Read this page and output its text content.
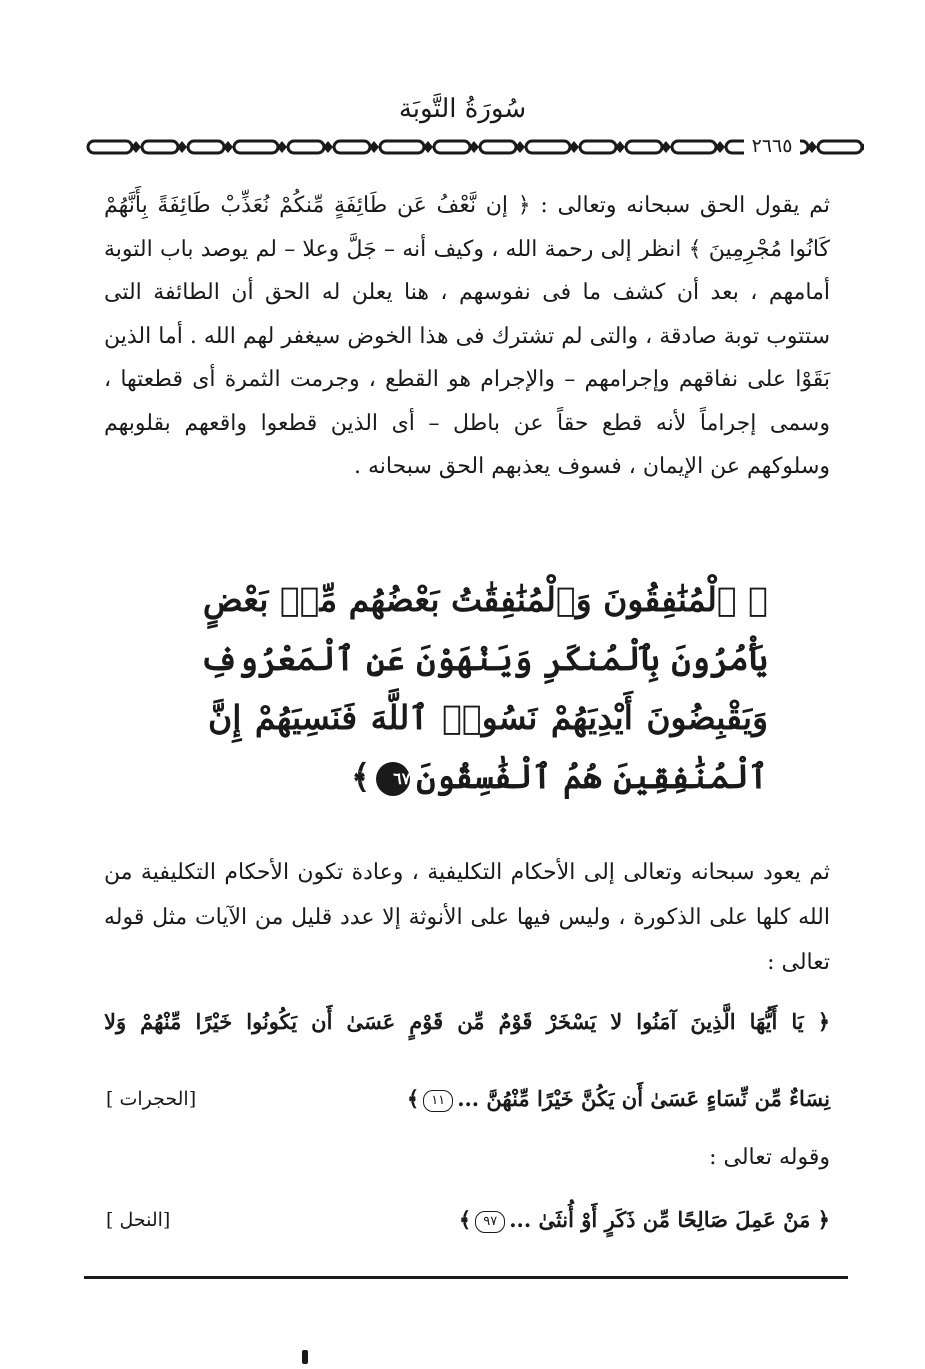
سُورَةُ التَّوبَة
٢٦٦٥
ثم يقول الحق سبحانه وتعالى : ﴿ إن نَّعْفُ عَن طَائِفَةٍ مِّنكُمْ نُعَذِّبْ طَائِفَةً بِأَنَّهُمْ كَانُوا مُجْرِمِينَ ﴾ انظر إلى رحمة الله ، وكيف أنه – جَلَّ وعلا – لم يوصد باب التوبة أمامهم ، بعد أن كشف ما فى نفوسهم ، هنا يعلن له الحق أن الطائفة التى ستتوب توبة صادقة ، والتى لم تشترك فى هذا الخوض سيغفر لهم الله . أما الذين بَقَوْا على نفاقهم وإجرامهم – والإجرام هو القطع ، وجرمت الثمرة أى قطعتها ، وسمى إجراماً لأنه قطع حقاً عن باطل – أى الذين قطعوا واقعهم بقلوبهم وسلوكهم عن الإيمان ، فسوف يعذبهم الحق سبحانه .
﴿ ٱلْمُنَٰفِقُونَ وَٱلْمُنَٰفِقَٰتُ بَعْضُهُم مِّنۢ بَعْضٍ
يَأْمُرُونَ بِٱلْمُنكَرِ وَيَنْهَوْنَ عَنِ ٱلْمَعْرُوفِ
وَيَقْبِضُونَ أَيْدِيَهُمْ نَسُوا۟ ٱللَّهَ فَنَسِيَهُمْ إِنَّ
ٱلْمُنَٰفِقِينَ هُمُ ٱلْفَٰسِقُونَ٦٧﴾
ثم يعود سبحانه وتعالى إلى الأحكام التكليفية ، وعادة تكون الأحكام التكليفية من الله كلها على الذكورة ، وليس فيها على الأنوثة إلا عدد قليل من الآيات مثل قوله تعالى :
﴿ يَا أَيُّهَا الَّذِينَ آمَنُوا لا يَسْخَرْ قَوْمٌ مِّن قَوْمٍ عَسَىٰ أَن يَكُونُوا خَيْرًا مِّنْهُمْ وَلا
نِسَاءٌ مِّن نِّسَاءٍ عَسَىٰ أَن يَكُنَّ خَيْرًا مِّنْهُنَّ ...١١﴾
[الحجرات ]
وقوله تعالى :
﴿ مَنْ عَمِلَ صَالِحًا مِّن ذَكَرٍ أَوْ أُنثَىٰ ...٩٧﴾
[النحل ]
